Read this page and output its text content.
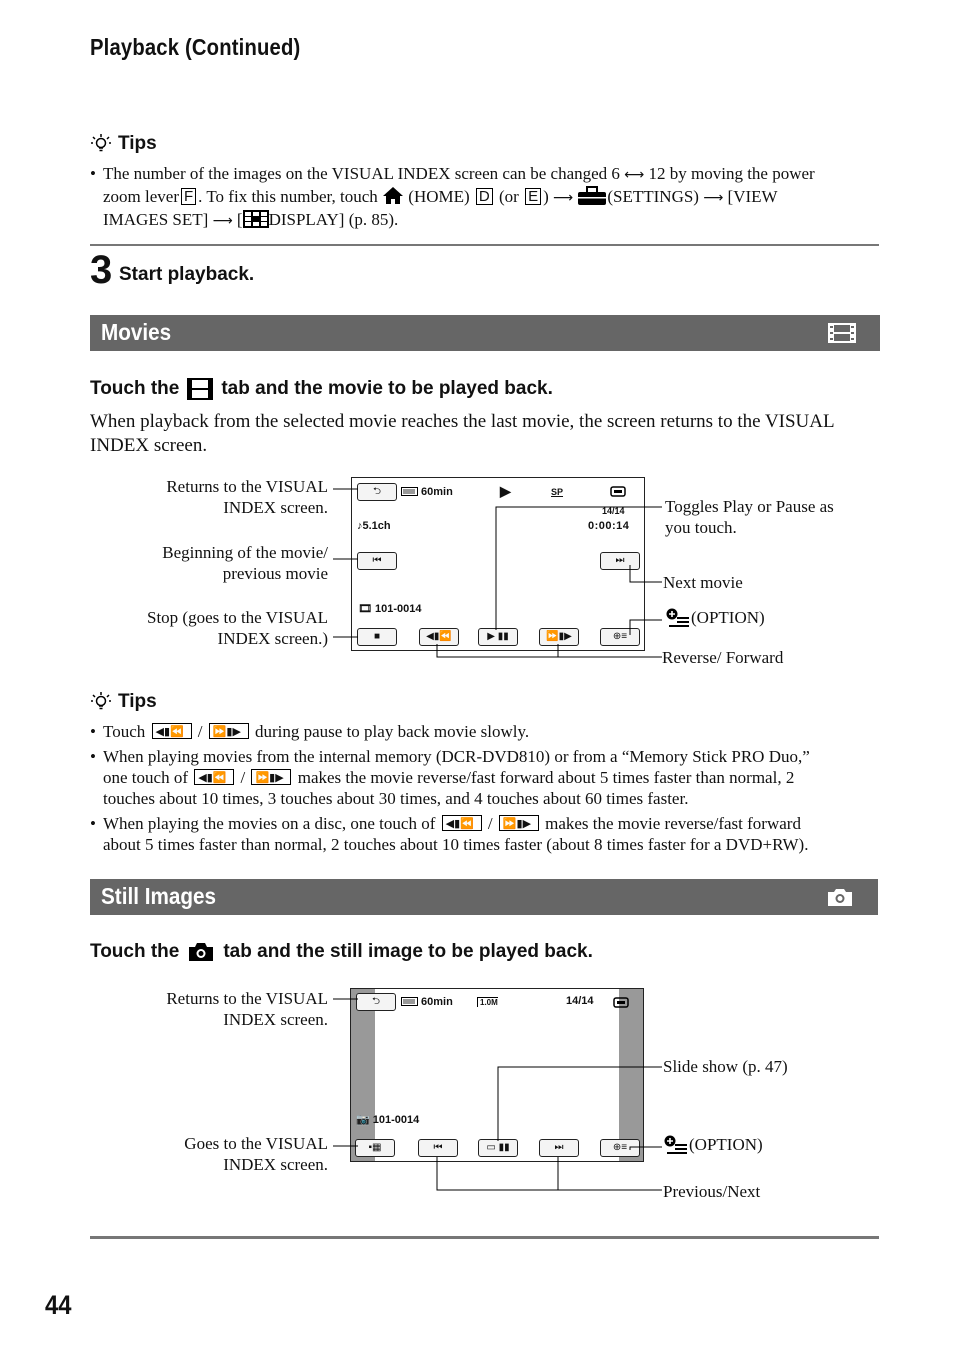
Playback (Continued)
Tips
• The number of the images on the VISUAL INDEX screen can be changed 6 ⟷ 12 by moving the power
zoom lever F . To fix this number, touch (HOME) D (or E ) ⟶ (SETTINGS) ⟶ [VIEW
IMAGES SET] ⟶ [ DISPLAY] (p. 85).
3 Start playback.
Movies
Touch the tab and the movie to be played back.
When playback from the selected movie reaches the last movie, the screen returns to the VISUAL INDEX screen.
Returns to the VISUAL
INDEX screen.
Beginning of the movie/
previous movie
Stop (goes to the VISUAL
INDEX screen.)
Toggles Play or Pause as
you touch.
Next movie
(OPTION)
Reverse/ Forward
⮌	60min	▶	SP
14/14
♪5.1ch	0:00:14
⏮	⏭
🎞 101-0014
■	◀▮⏪	▶ ▮▮	⏩▮▶	⊕≡
Tips
• Touch ◀▮⏪ / ⏩▮▶ during pause to play back movie slowly.
• When playing movies from the internal memory (DCR-DVD810) or from a “Memory Stick PRO Duo,”
one touch of ◀▮⏪ / ⏩▮▶ makes the movie reverse/fast forward about 5 times faster than normal, 2
touches about 10 times, 3 touches about 30 times, and 4 touches about 60 times faster.
• When playing the movies on a disc, one touch of ◀▮⏪ / ⏩▮▶ makes the movie reverse/fast forward
about 5 times faster than normal, 2 touches about 10 times faster (about 8 times faster for a DVD+RW).
Still Images
Touch the tab and the still image to be played back.
Returns to the VISUAL
INDEX screen.
Goes to the VISUAL
INDEX screen.
Slide show (p. 47)
(OPTION)
Previous/Next
⮌	60min	1.0M	14/14
📷 101-0014
▪▦	⏮	▭ ▮▮	⏭	⊕≡
44
